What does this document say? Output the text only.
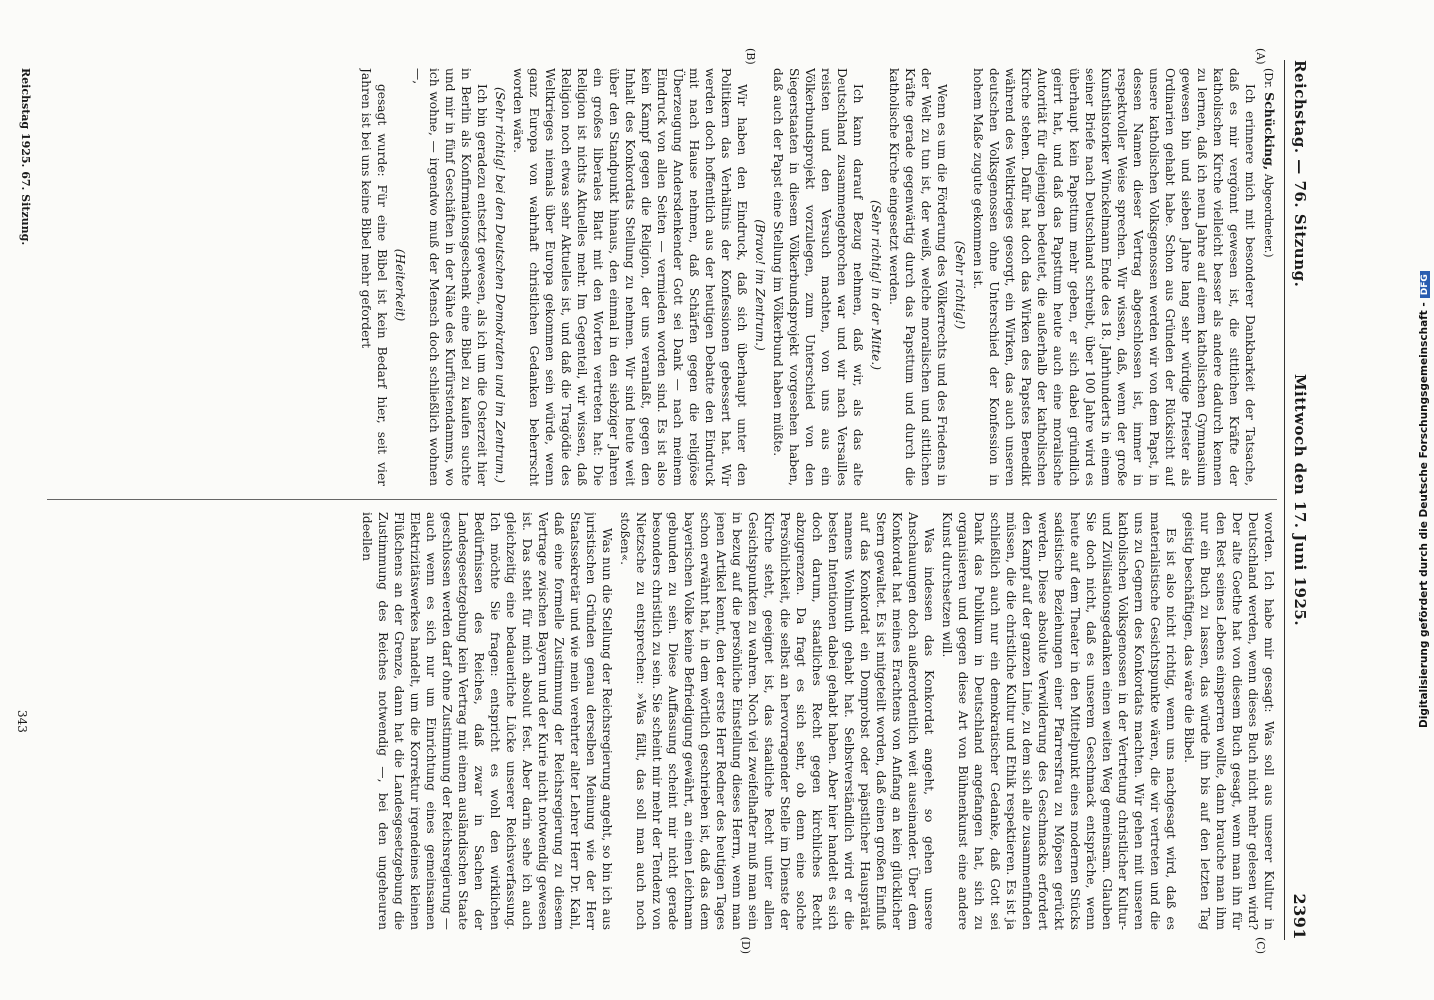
Reichstag. — 76. Sitzung.
Mittwoch den 17. Juni 1925.
2391
(A)
(B)
(C)
(D)
(Dr. Schücking, Abgeordneter.)

Ich erinnere mich mit besonderer Dankbarkeit der Tatsache, daß es mir vergönnt gewesen ist, die sittlichen Kräfte der katholischen Kirche vielleicht besser als andere dadurch kennen zu lernen, daß ich neun Jahre auf einem katholischen Gymnasium gewesen bin und sieben Jahre lang sehr würdige Priester als Ordinarien gehabt habe. Schon aus Gründen der Rücksicht auf unsere katholischen Volksgenossen werden wir von dem Papst, in dessen Namen dieser Vertrag abgeschlossen ist, immer in respektvoller Weise sprechen. Wir wissen, daß, wenn der große Kunsthistoriker Winckelmann Ende des 18. Jahrhunderts in einem seiner Briefe nach Deutschland schreibt, über 100 Jahre wird es überhaupt kein Papsttum mehr geben, er sich dabei gründlich geirrt hat, und daß das Papsttum heute auch eine moralische Autorität für diejenigen bedeutet, die außerhalb der katholischen Kirche stehen. Dafür hat doch das Wirken des Papstes Benedikt während des Weltkrieges gesorgt, ein Wirken, das auch unseren deutschen Volksgenossen ohne Unterschied der Konfession in hohem Maße zugute gekommen ist.

(Sehr richtig!)

Wenn es um die Förderung des Völkerrechts und des Friedens in der Welt zu tun ist, der weiß, welche moralischen und sittlichen Kräfte gerade gegenwärtig durch das Papsttum und durch die katholische Kirche eingesetzt werden.

(Sehr richtig! in der Mitte.)

Ich kann darauf Bezug nehmen, daß wir, als das alte Deutschland zusammengebrochen war und wir nach Versailles reisten und den Versuch machten, von uns aus ein Völkerbundsprojekt vorzulegen, zum Unterschied von den Siegerstaaten in diesem Völkerbundsprojekt vorgesehen haben, daß auch der Papst eine Stellung im Völkerbund haben müßte.

(Bravo! im Zentrum.)

Wir haben den Eindruck, daß sich überhaupt unter den Politikern das Verhältnis der Konfessionen gebessert hat. Wir werden doch hoffentlich aus der heutigen Debatte den Eindruck mit nach Hause nehmen, daß Schärfen gegen die religiöse Überzeugung Andersdenkender Gott sei Dank — nach meinem Eindruck von allen Seiten — vermieden worden sind. Es ist also kein Kampf gegen die Religion, der uns veranlaßt, gegen den Inhalt des Konkordats Stellung zu nehmen. Wir sind heute weit über den Standpunkt hinaus, den einmal in den siebziger Jahren ein großes liberales Blatt mit den Worten vertreten hat: Die Religion ist nichts Aktuelles mehr. Im Gegenteil, wir wissen, daß Religion noch etwas sehr Aktuelles ist, und daß die Tragödie des Weltkrieges niemals über Europa gekommen sein würde, wenn ganz Europa von wahrhaft christlichen Gedanken beherrscht worden wäre.

(Sehr richtig! bei den Deutschen Demokraten und im Zentrum.)

Ich bin geradezu entsetzt gewesen, als ich um die Osterzeit hier in Berlin als Konfirmationsgeschenk eine Bibel zu kaufen suchte und mir in fünf Geschäften in der Nähe des Kurfürstendamms, wo ich wohne, — irgendwo muß der Mensch doch schließlich wohnen —,

(Heiterkeit)

gesagt wurde: Für eine Bibel ist kein Bedarf hier, seit vier Jahren ist bei uns keine Bibel mehr gefordert

worden. Ich habe mir gesagt: Was soll aus unserer Kultur in Deutschland werden, wenn dieses Buch nicht mehr gelesen wird? Der alte Goethe hat von diesem Buch gesagt, wenn man ihn für den Rest seines Lebens einsperren wollte, dann brauche man ihm nur ein Buch zu lassen, das würde ihn bis auf den letzten Tag geistig beschäftigen, das wäre die Bibel.

Es ist also nicht richtig, wenn uns nachgesagt wird, daß es materialistische Gesichtspunkte wären, die wir vertreten und die uns zu Gegnern des Konkordats machten. Wir gehen mit unseren katholischen Volksgenossen in der Vertretung christlicher Kultur- und Zivilisationsgedanken einen weiten Weg gemeinsam. Glauben Sie doch nicht, daß es unserem Geschmack entspräche, wenn heute auf dem Theater in den Mittelpunkt eines modernen Stücks sadistische Beziehungen einer Pfarrersfrau zu Möpsen gerückt werden. Diese absolute Verwilderung des Geschmacks erfordert den Kampf auf der ganzen Linie, zu dem sich alle zusammenfinden müssen, die die christliche Kultur und Ethik respektieren. Es ist ja schließlich auch nur ein demokratischer Gedanke, daß Gott sei Dank das Publikum in Deutschland angefangen hat, sich zu organisieren und gegen diese Art von Bühnenkunst eine andere Kunst durchsetzen will.

Was indessen das Konkordat angeht, so gehen unsere Anschauungen doch außerordentlich weit auseinander. Über dem Konkordat hat meines Erachtens von Anfang an kein glücklicher Stern gewaltet. Es ist mitgeteilt worden, daß einen großen Einfluß auf das Konkordat ein Domprobst oder päpstlicher Hausprälat namens Wohlmuth gehabt hat. Selbstverständlich wird er die besten Intentionen dabei gehabt haben. Aber hier handelt es sich doch darum, staatliches Recht gegen kirchliches Recht abzugrenzen. Da fragt es sich sehr, ob denn eine solche Persönlichkeit, die selbst an hervorragender Stelle im Dienste der Kirche steht, geeignet ist, das staatliche Recht unter allen Gesichtspunkten zu wahren. Noch viel zweifelhafter muß man sein in bezug auf die persönliche Einstellung dieses Herrn, wenn man jenen Artikel kennt, den der erste Herr Redner des heutigen Tages schon erwähnt hat, in dem wörtlich geschrieben ist, daß das dem bayerischen Volke keine Befriedigung gewährt, an einen Leichnam gebunden zu sein. Diese Auffassung scheint mir nicht gerade besonders christlich zu sein. Sie scheint mir mehr der Tendenz von Nietzsche zu entsprechen: »Was fällt, das soll man auch noch stoßen«.

Was nun die Stellung der Reichsregierung angeht, so bin ich aus juristischen Gründen genau derselben Meinung wie der Herr Staatssekretär und wie mein verehrter alter Lehrer Herr Dr. Kahl, daß eine formelle Zustimmung der Reichsregierung zu diesem Vertrage zwischen Bayern und der Kurie nicht notwendig gewesen ist. Das steht für mich absolut fest. Aber darin sehe ich auch gleichzeitig eine bedauerliche Lücke unserer Reichsverfassung. Ich möchte Sie fragen: entspricht es wohl den wirklichen Bedürfnissen des Reiches, daß zwar in Sachen der Landesgesetzgebung kein Vertrag mit einem ausländischen Staate geschlossen werden darf ohne Zustimmung der Reichsregierung — auch wenn es sich nur um Einrichtung eines gemeinsamen Elektrizitätswerkes handelt, um die Korrektur irgendeines kleinen Flüßchens an der Grenze, dann hat die Landesgesetzgebung die Zustimmung des Reiches notwendig —, bei den ungeheuren ideellen

Reichstag 1925. 67. Sitzung.
343	Digitalisierung gefördert durch die Deutsche Forschungsgemeinschaft -DFG
